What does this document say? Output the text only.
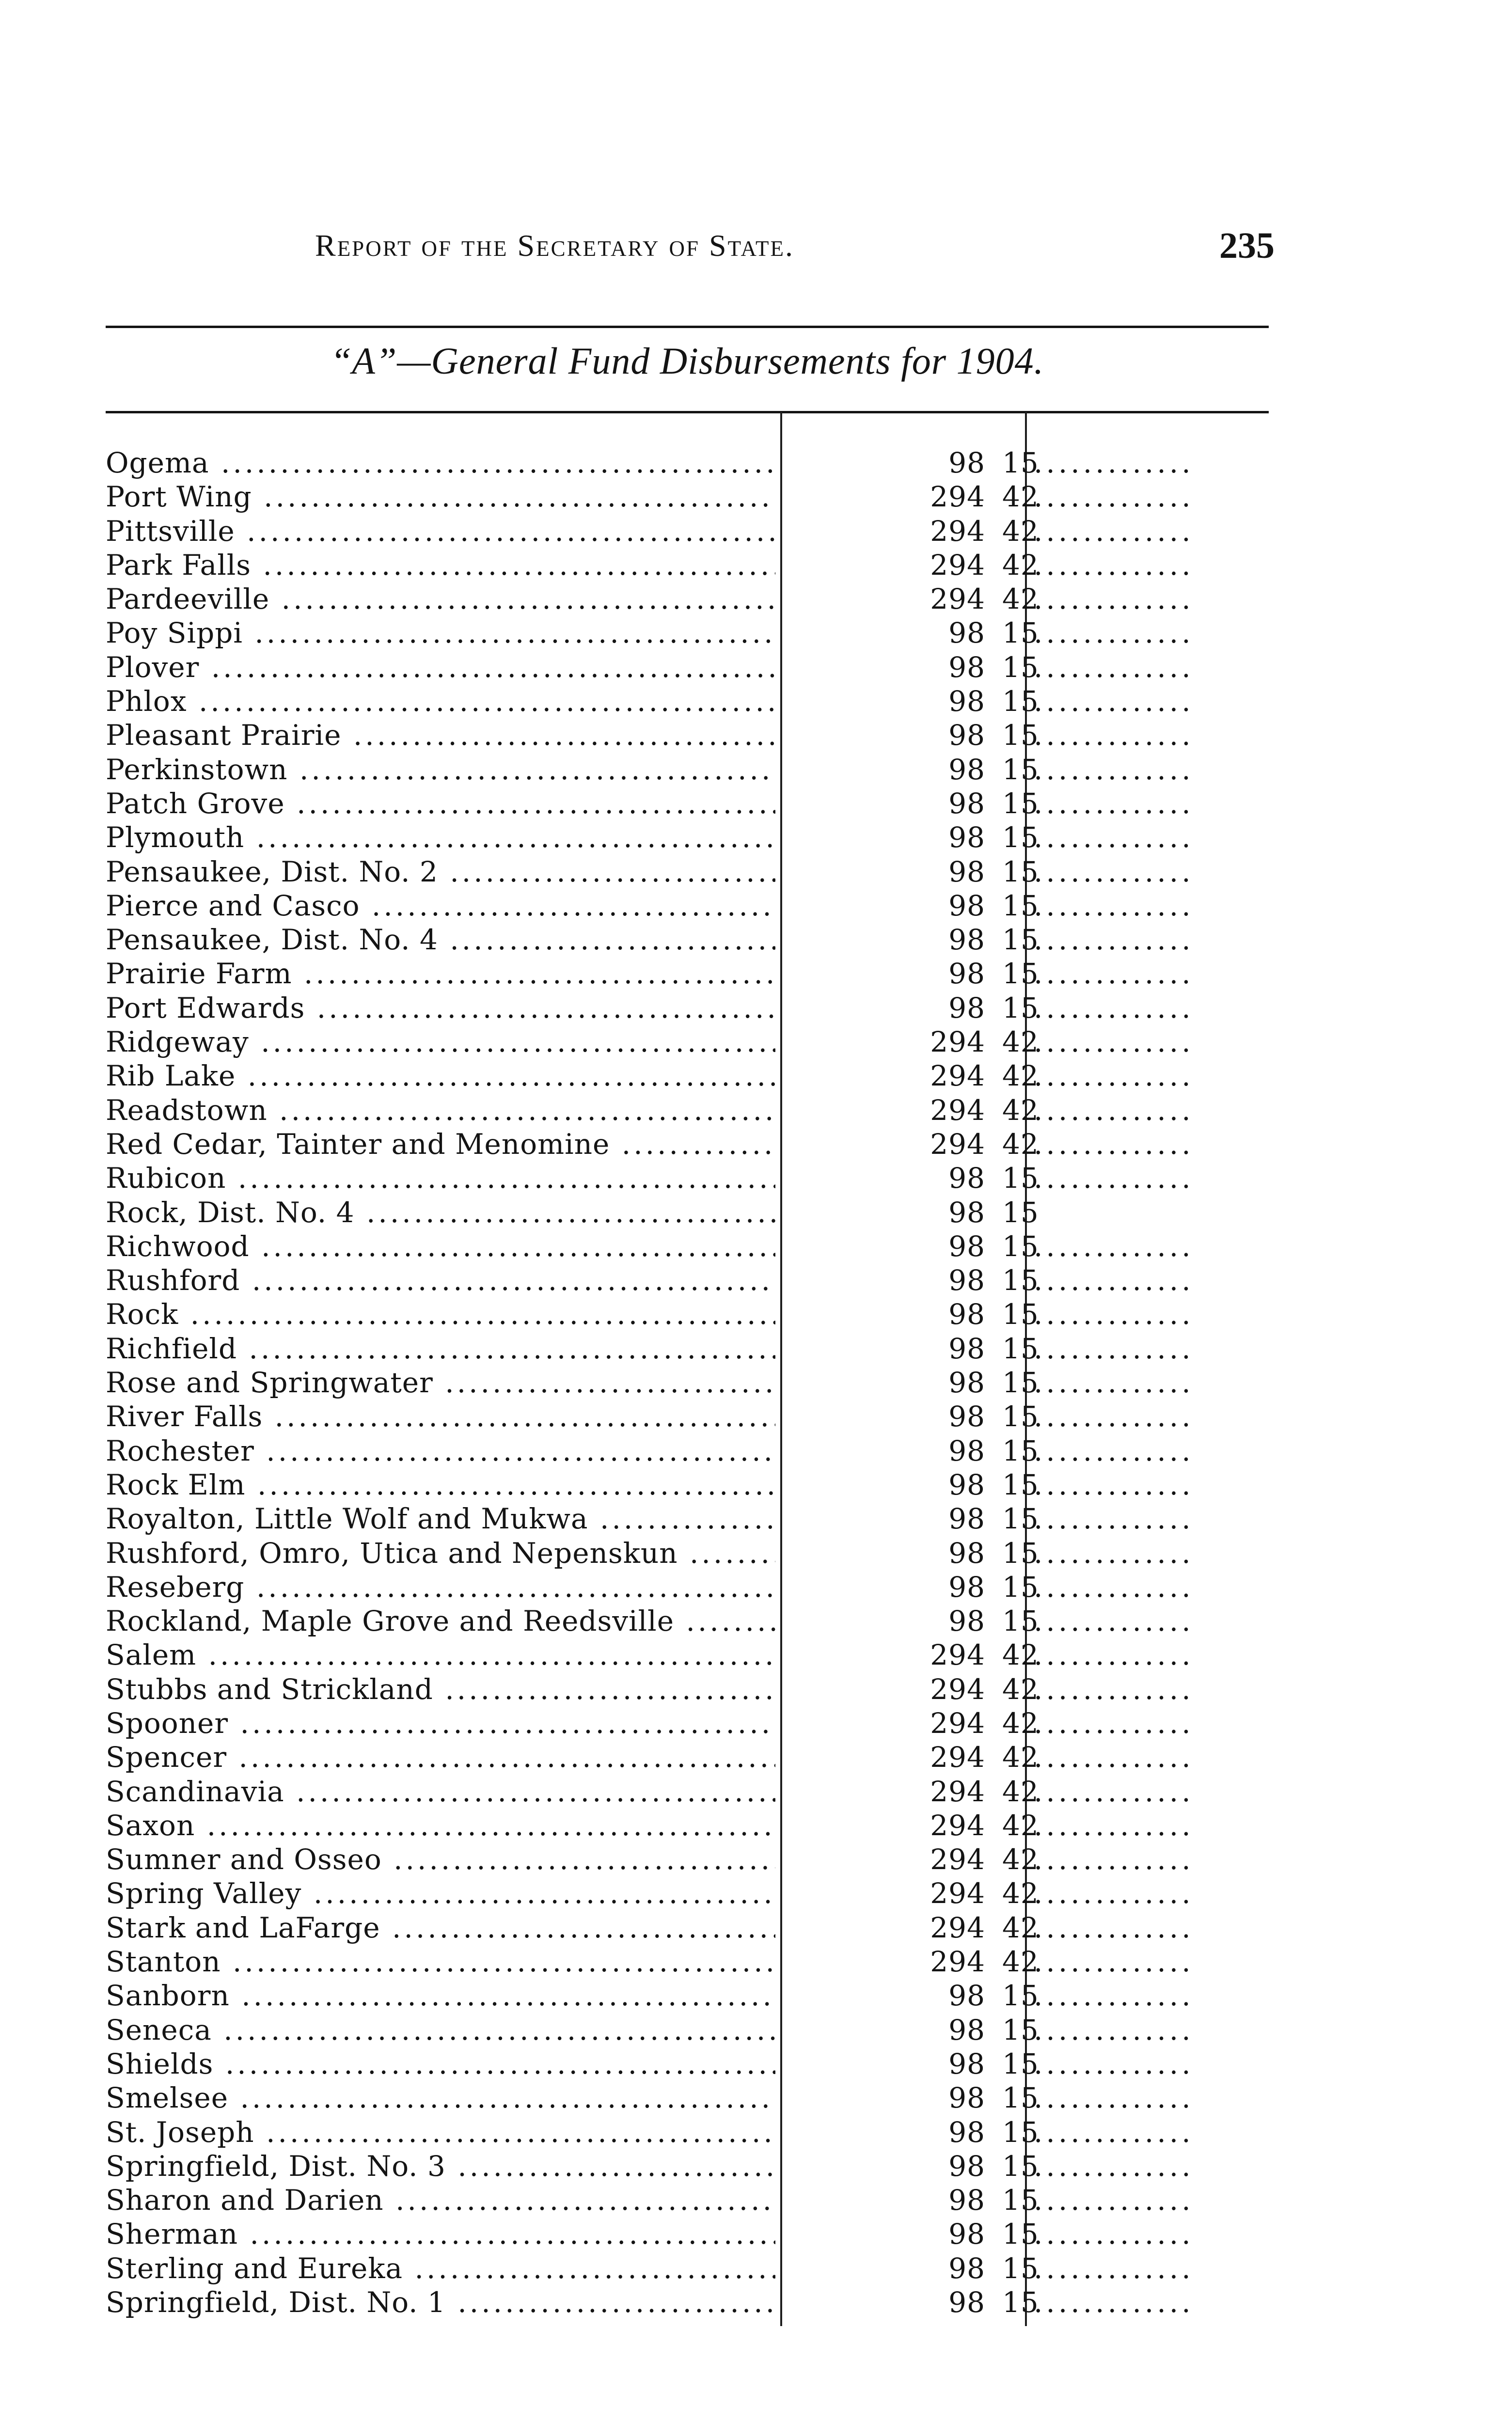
Report of the Secretary of State.	235
“A”—General Fund Disbursements for 1904.
Ogema .....	98 15
.............
Port Wing .....	294 42
.............
Pittsville .....	294 42
.............
Park Falls .....	294 42
.............
Pardeeville .....	294 42
.............
Poy Sippi .....	98 15
.............
Plover .....	98 15
.............
Phlox .....	98 15
.............
Pleasant Prairie .....	98 15
.............
Perkinstown .....	98 15
.............
Patch Grove .....	98 15
.............
Plymouth .....	98 15
.............
Pensaukee, Dist. No. 2 .....	98 15
.............
Pierce and Casco .....	98 15
.............
Pensaukee, Dist. No. 4 .....	98 15
.............
Prairie Farm .....	98 15
.............
Port Edwards .....	98 15
.............
Ridgeway .....	294 42
.............
Rib Lake .....	294 42
.............
Readstown .....	294 42
.............
Red Cedar, Tainter and Menomine .....	294 42
.............
Rubicon .....	98 15
.............
Rock, Dist. No. 4 .....	98 15
Richwood .....	98 15
.............
Rushford .....	98 15
.............
Rock .....	98 15
.............
Richfield .....	98 15
.............
Rose and Springwater .....	98 15
.............
River Falls .....	98 15
.............
Rochester .....	98 15
.............
Rock Elm .....	98 15
.............
Royalton, Little Wolf and Mukwa .....	98 15
.............
Rushford, Omro, Utica and Nepenskun .....	98 15
.............
Reseberg .....	98 15
.............
Rockland, Maple Grove and Reedsville .....	98 15
.............
Salem .....	294 42
.............
Stubbs and Strickland .....	294 42
.............
Spooner .....	294 42
.............
Spencer .....	294 42
.............
Scandinavia .....	294 42
.............
Saxon .....	294 42
.............
Sumner and Osseo .....	294 42
.............
Spring Valley .....	294 42
.............
Stark and LaFarge .....	294 42
.............
Stanton .....	294 42
.............
Sanborn .....	98 15
.............
Seneca .....	98 15
.............
Shields .....	98 15
.............
Smelsee .....	98 15
.............
St. Joseph .....	98 15
.............
Springfield, Dist. No. 3 .....	98 15
.............
Sharon and Darien .....	98 15
.............
Sherman .....	98 15
.............
Sterling and Eureka .....	98 15
.............
Springfield, Dist. No. 1 .....	98 15
.............
